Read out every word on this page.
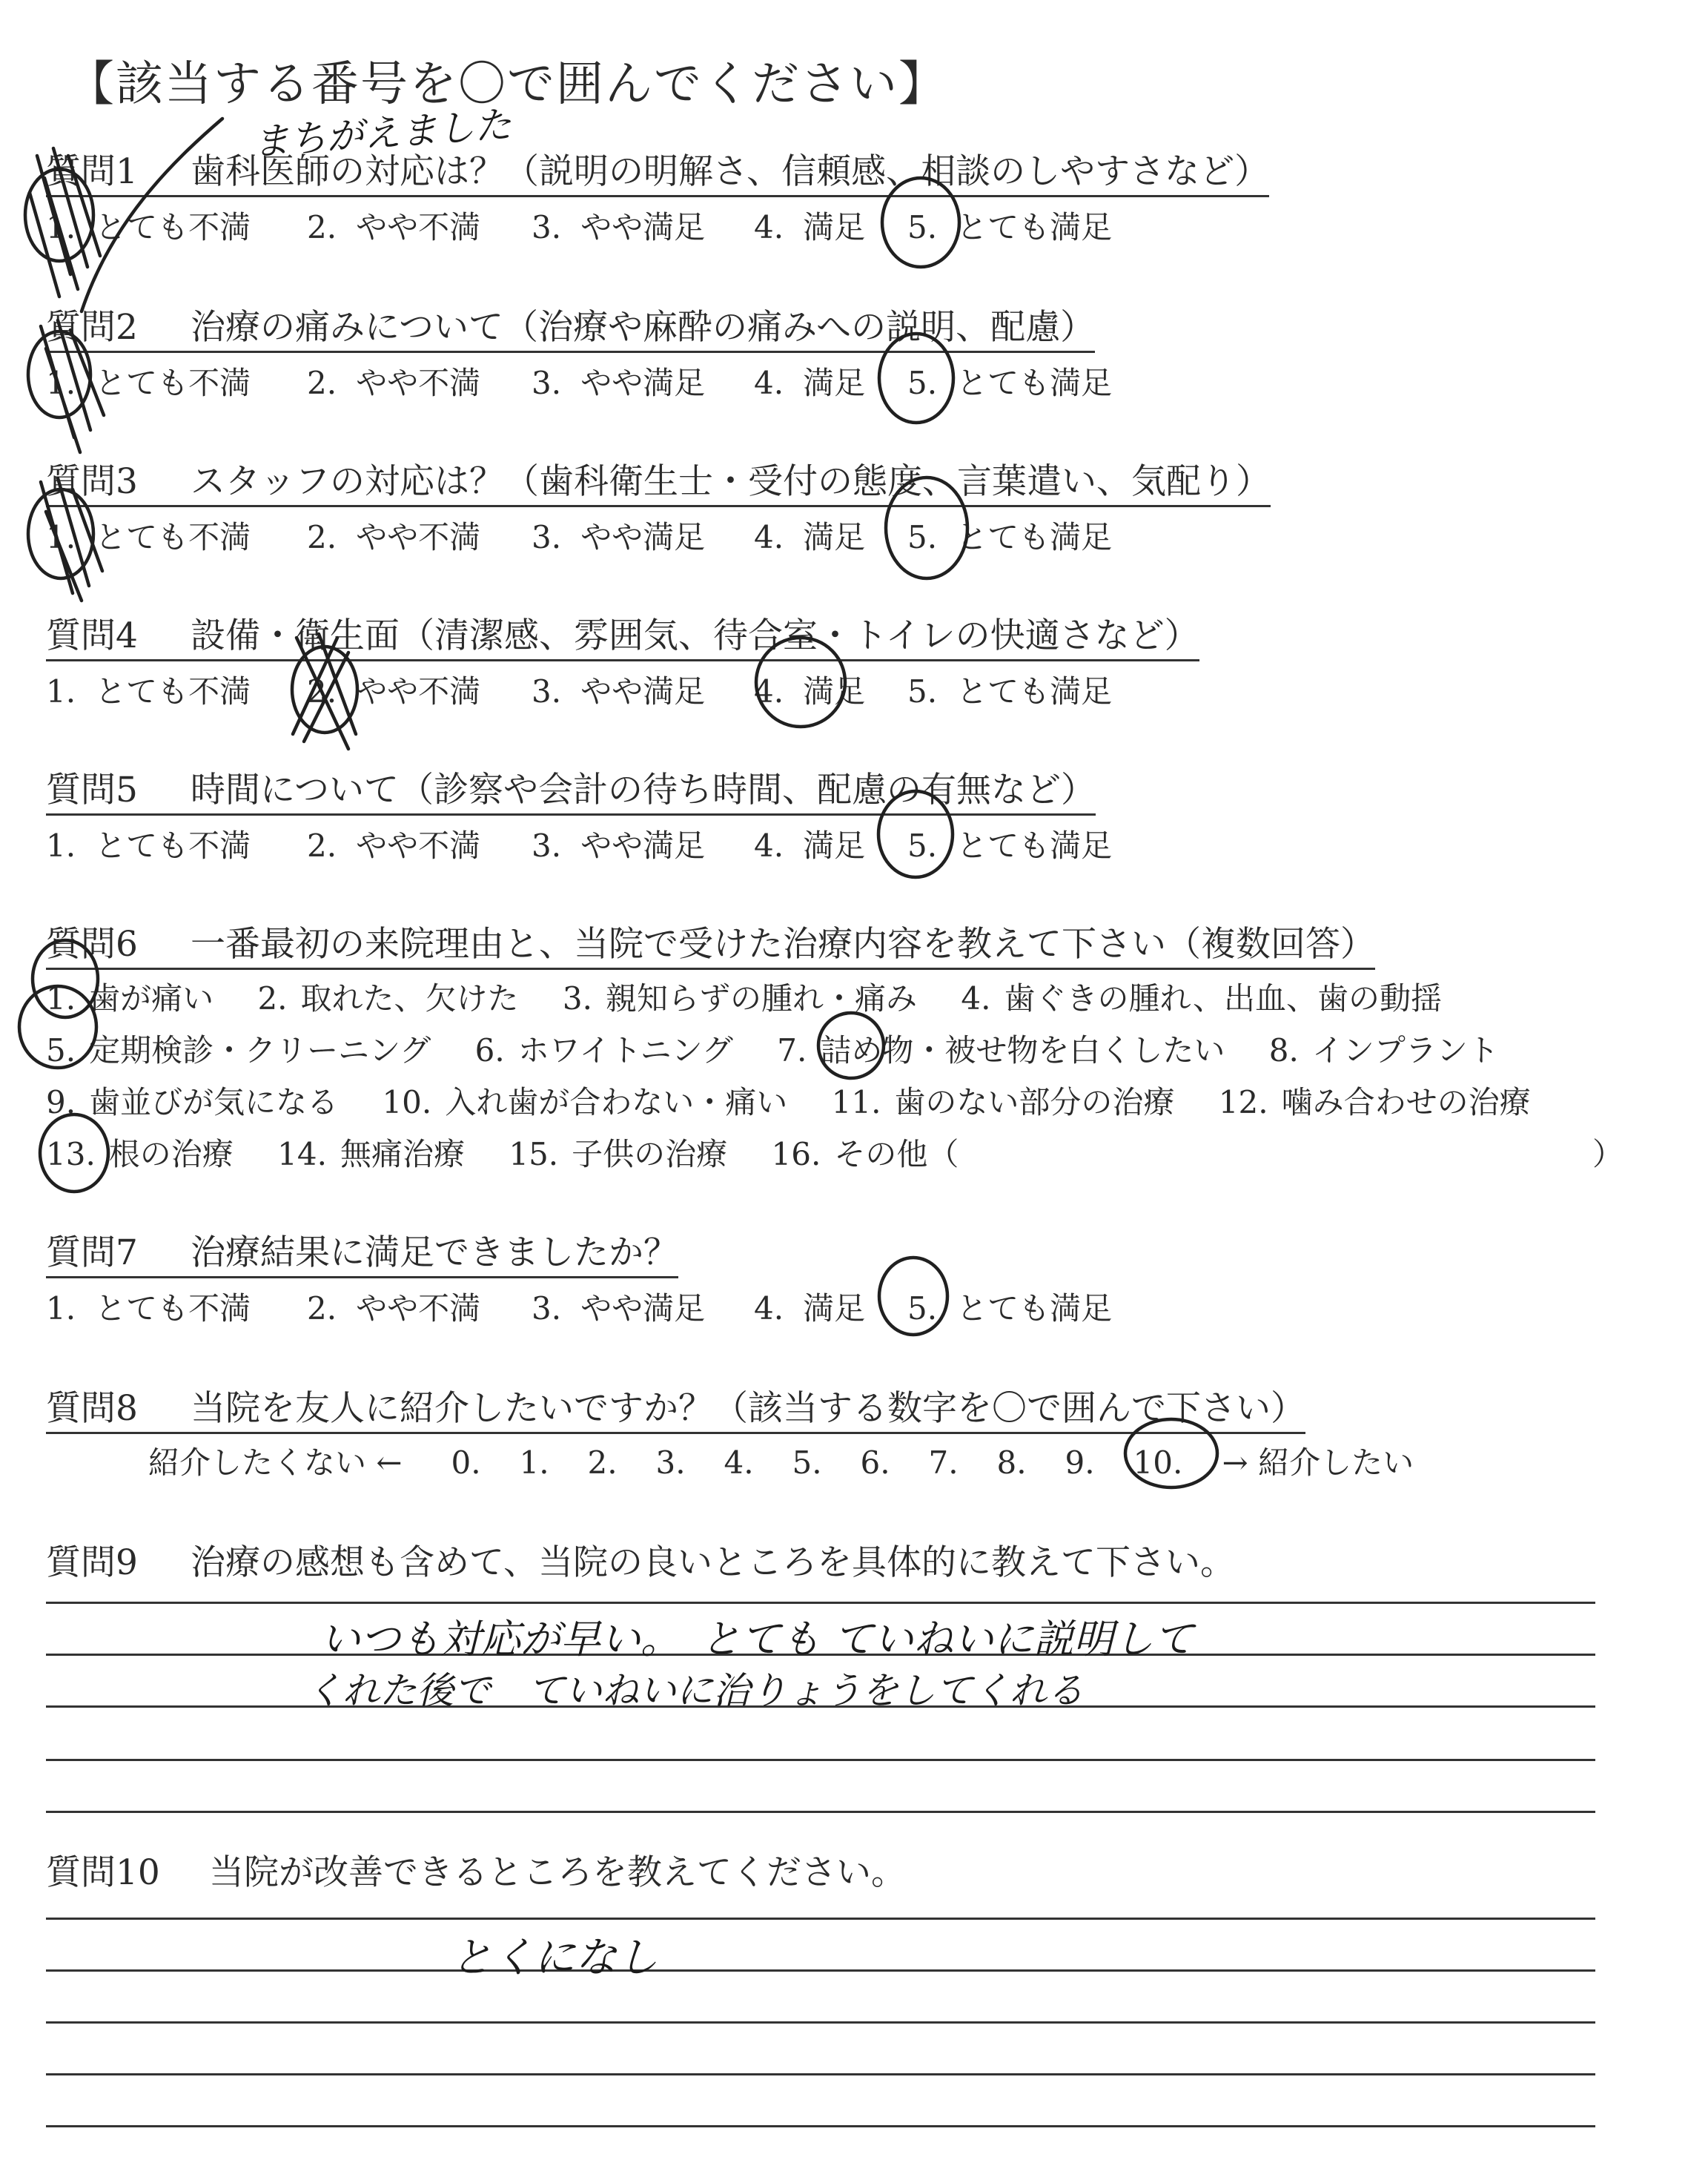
【該当する番号を〇で囲んでください】
質問1 歯科医師の対応は？（説明の明解さ、信頼感、相談のしやすさなど）
1. とても不満 2. やや不満 3. やや満足 4. 満足 5. とても満足
質問2 治療の痛みについて（治療や麻酔の痛みへの説明、配慮）
1. とても不満 2. やや不満 3. やや満足 4. 満足 5. とても満足
質問3 スタッフの対応は？（歯科衛生士・受付の態度、言葉遣い、気配り）
1. とても不満 2. やや不満 3. やや満足 4. 満足 5. とても満足
質問4 設備・衛生面（清潔感、雰囲気、待合室・トイレの快適さなど）
1. とても不満 2. やや不満 3. やや満足 4. 満足 5. とても満足
質問5 時間について（診察や会計の待ち時間、配慮の有無など）
1. とても不満 2. やや不満 3. やや満足 4. 満足 5. とても満足
質問6 一番最初の来院理由と、当院で受けた治療内容を教えて下さい（複数回答）
1. 歯が痛い 2. 取れた、欠けた 3. 親知らずの腫れ・痛み 4. 歯ぐきの腫れ、出血、歯の動揺
5. 定期検診・クリーニング 6. ホワイトニング 7. 詰め物・被せ物を白くしたい 8. インプラント
9. 歯並びが気になる 10. 入れ歯が合わない・痛い 11. 歯のない部分の治療 12. 噛み合わせの治療
13. 根の治療 14. 無痛治療 15. 子供の治療 16. その他（	）
質問7 治療結果に満足できましたか？
1. とても不満 2. やや不満 3. やや満足 4. 満足 5. とても満足
質問8 当院を友人に紹介したいですか？（該当する数字を〇で囲んで下さい）
紹介したくない ← 0. 1. 2. 3. 4. 5. 6. 7. 8. 9. 10. → 紹介したい
質問9 治療の感想も含めて、当院の良いところを具体的に教えて下さい。
いつも対応が早い。　とても ていねいに説明して
くれた後で　ていねいに治りょうをしてくれる
質問10 当院が改善できるところを教えてください。
とくになし
まちがえました
